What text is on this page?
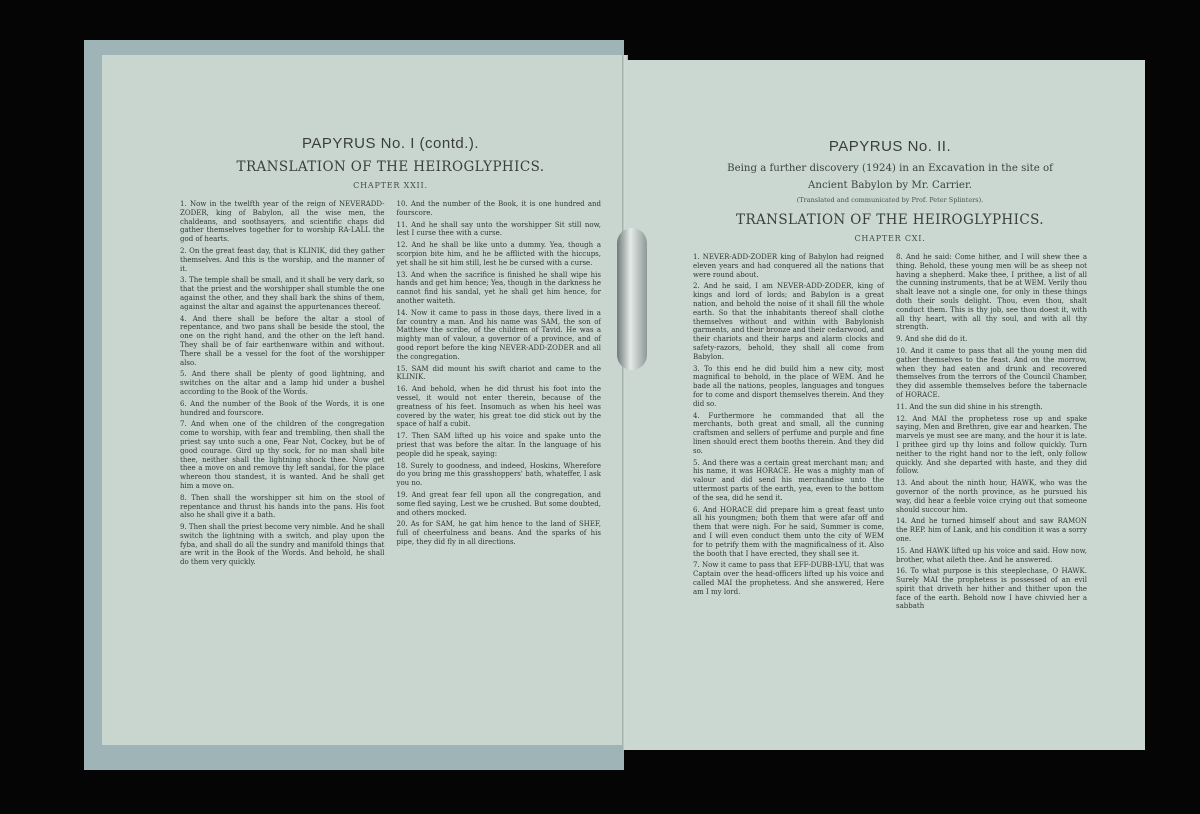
PAPYRUS No. I (contd.).
TRANSLATION OF THE HEIROGLYPHICS.
CHAPTER XXII.

1. Now in the twelfth year of the reign of NEVERADD-ZODER, king of Babylon, all the wise men, the chaldeans, and soothsayers, and scientific chaps did gather themselves together for to worship RA-LALL the god of hearts.

2. On the great feast day, that is KLINIK, did they gather themselves. And this is the worship, and the manner of it.

3. The temple shall be small, and it shall be very dark, so that the priest and the worshipper shall stumble the one against the other, and they shall bark the shins of them, against the altar and against the appurtenances thereof.

4. And there shall be before the altar a stool of repentance, and two pans shall be beside the stool, the one on the right hand, and the other on the left hand. They shall be of fair earthenware within and without. There shall be a vessel for the foot of the worshipper also.

5. And there shall be plenty of good lightning, and switches on the altar and a lamp hid under a bushel according to the Book of the Words.

6. And the number of the Book of the Words, it is one hundred and fourscore.

7. And when one of the children of the congregation come to worship, with fear and trembling, then shall the priest say unto such a one, Fear Not, Cockey, but be of good courage. Gird up thy sock, for no man shall bite thee, neither shall the lightning shock thee. Now get thee a move on and remove thy left sandal, for the place whereon thou standest, it is wanted. And he shall get him a move on.

8. Then shall the worshipper sit him on the stool of repentance and thrust his hands into the pans. His foot also he shall give it a bath.

9. Then shall the priest become very nimble. And he shall switch the lightning with a switch, and play upon the fyba, and shall do all the sundry and manifold things that are writ in the Book of the Words. And behold, he shall do them very quickly.

10. And the number of the Book, it is one hundred and fourscore.

11. And he shall say unto the worshipper Sit still now, lest I curse thee with a curse.

12. And he shall be like unto a dummy. Yea, though a scorpion bite him, and he be afflicted with the hiccups, yet shall he sit him still, lest he be cursed with a curse.

13. And when the sacrifice is finished he shall wipe his hands and get him hence; Yea, though in the darkness he cannot find his sandal, yet he shall get him hence, for another waiteth.

14. Now it came to pass in those days, there lived in a far country a man. And his name was SAM, the son of Matthew the scribe, of the children of Tavid. He was a mighty man of valour, a governor of a province, and of good report before the king NEVER-ADD-ZODER and all the congregation.

15. SAM did mount his swift chariot and came to the KLINIK.

16. And behold, when he did thrust his foot into the vessel, it would not enter therein, because of the greatness of his feet. Insomuch as when his heel was covered by the water, his great toe did stick out by the space of half a cubit.

17. Then SAM lifted up his voice and spake unto the priest that was before the altar. In the language of his people did he speak, saying:

18. Surely to goodness, and indeed, Hoskins, Wherefore do you bring me this grasshoppers' bath, whateffer, I ask you no.

19. And great fear fell upon all the congregation, and some fled saying, Lest we be crushed. But some doubted, and others mocked.

20. As for SAM, he gat him hence to the land of SHEF, full of cheerfulness and beans. And the sparks of his pipe, they did fly in all directions.

PAPYRUS No. II.
Being a further discovery (1924) in an Excavation in the site of
Ancient Babylon by Mr. Carrier.
(Translated and communicated by Prof. Peter Splinters).
TRANSLATION OF THE HEIROGLYPHICS.
CHAPTER CXI.

1. NEVER-ADD-ZODER king of Babylon had reigned eleven years and had conquered all the nations that were round about.

2. And he said, I am NEVER-ADD-ZODER, king of kings and lord of lords; and Babylon is a great nation, and behold the noise of it shall fill the whole earth. So that the inhabitants thereof shall clothe themselves without and within with Babylonish garments, and their bronze and their cedarwood, and their chariots and their harps and alarm clocks and safety-razors, behold, they shall all come from Babylon.

3. To this end he did build him a new city, most magnifical to behold, in the place of WEM. And he bade all the nations, peoples, languages and tongues for to come and disport themselves therein. And they did so.

4. Furthermore he commanded that all the merchants, both great and small, all the cunning craftsmen and sellers of perfume and purple and fine linen should erect them booths therein. And they did so.

5. And there was a certain great merchant man; and his name, it was HORACE. He was a mighty man of valour and did send his merchandise unto the uttermost parts of the earth, yea, even to the bottom of the sea, did he send it.

6. And HORACE did prepare him a great feast unto all his youngmen; both them that were afar off and them that were nigh. For he said, Summer is come, and I will even conduct them unto the city of WEM for to petrify them with the magnificalness of it. Also the booth that I have erected, they shall see it.

7. Now it came to pass that EFF-DUBB-LYU, that was Captain over the head-officers lifted up his voice and called MAI the prophetess. And she answered, Here am I my lord.

8. And he said: Come hither, and I will shew thee a thing. Behold, these young men will be as sheep not having a shepherd. Make thee, I prithee, a list of all the cunning instruments, that be at WEM. Verily thou shalt leave not a single one, for only in these things doth their souls delight. Thou, even thou, shalt conduct them. This is thy job, see thou doest it, with all thy heart, with all thy soul, and with all thy strength.

9. And she did do it.

10. And it came to pass that all the young men did gather themselves to the feast. And on the morrow, when they had eaten and drunk and recovered themselves from the terrors of the Council Chamber, they did assemble themselves before the tabernacle of HORACE.

11. And the sun did shine in his strength.

12. And MAI the prophetess rose up and spake saying, Men and Brethren, give ear and hearken. The marvels ye must see are many, and the hour it is late. I prithee gird up thy loins and follow quickly. Turn neither to the right hand nor to the left, only follow quickly. And she departed with haste, and they did follow.

13. And about the ninth hour, HAWK, who was the governor of the north province, as he pursued his way, did hear a feeble voice crying out that someone should succour him.

14. And he turned himself about and saw RAMON the REP. him of Lank, and his condition it was a sorry one.

15. And HAWK lifted up his voice and said. How now, brother, what aileth thee. And he answered.

16. To what purpose is this steeplechase, O HAWK. Surely MAI the prophetess is possessed of an evil spirit that driveth her hither and thither upon the face of the earth. Behold now I have chivvied her a sabbath
